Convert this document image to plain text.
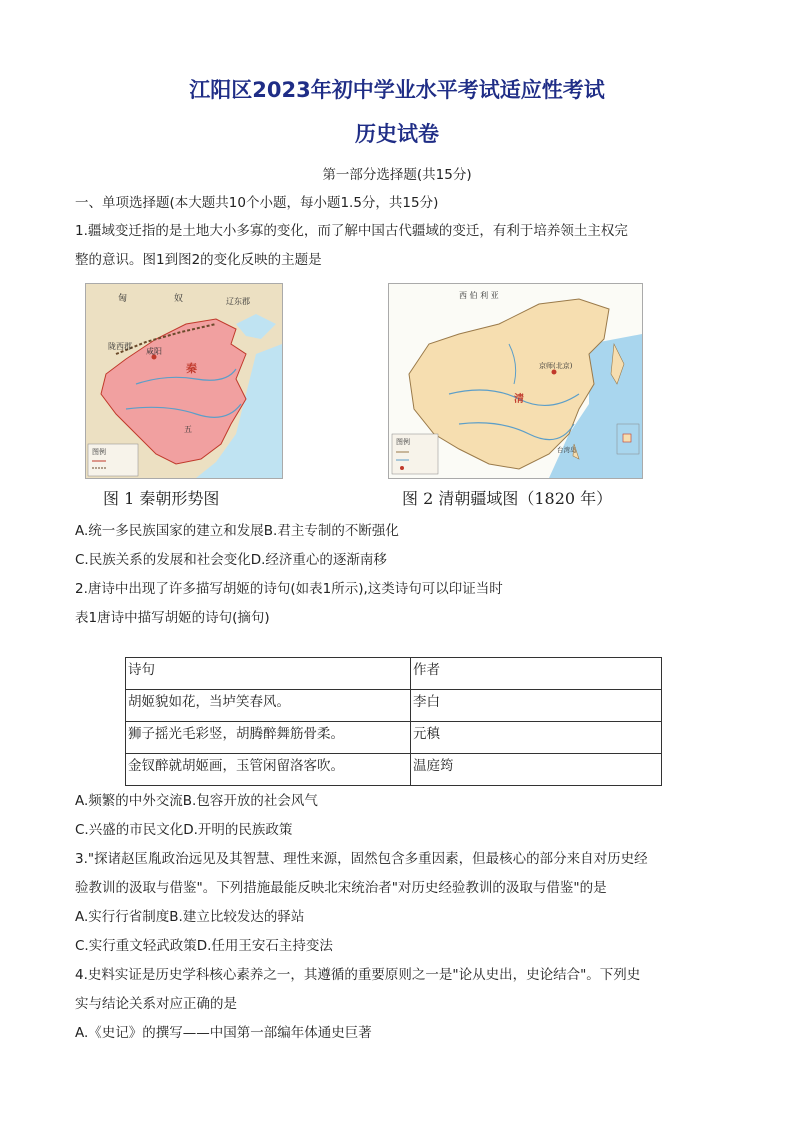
江阳区2023年初中学业水平考试适应性考试
历史试卷
第一部分选择题(共15分)
一、单项选择题(本大题共10个小题，每小题1.5分，共15分)
1.疆域变迁指的是土地大小多寡的变化，而了解中国古代疆域的变迁，有利于培养领土主权完
整的意识。图1到图2的变化反映的主题是
匈	奴	辽东郡
陇西郡
咸阳
秦
五
图例
西 伯 利 亚
京师(北京)
清
台湾岛
图例
图 1 秦朝形势图	图 2 清朝疆域图（1820 年）
A.统一多民族国家的建立和发展B.君主专制的不断强化
C.民族关系的发展和社会变化D.经济重心的逐渐南移
2.唐诗中出现了许多描写胡姬的诗句(如表1所示),这类诗句可以印证当时
表1唐诗中描写胡姬的诗句(摘句)
诗句	作者
胡姬貌如花，当垆笑春风。	李白
狮子摇光毛彩竖，胡腾醉舞筋骨柔。	元稹
金钗醉就胡姬画，玉管闲留洛客吹。	温庭筠
A.频繁的中外交流B.包容开放的社会风气
C.兴盛的市民文化D.开明的民族政策
3."探诸赵匡胤政治远见及其智慧、理性来源，固然包含多重因素，但最核心的部分来自对历史经
验教训的汲取与借鉴"。下列措施最能反映北宋统治者"对历史经验教训的汲取与借鉴"的是
A.实行行省制度B.建立比较发达的驿站
C.实行重文轻武政策D.任用王安石主持变法
4.史料实证是历史学科核心素养之一，其遵循的重要原则之一是"论从史出，史论结合"。下列史
实与结论关系对应正确的是
A.《史记》的撰写——中国第一部编年体通史巨著
